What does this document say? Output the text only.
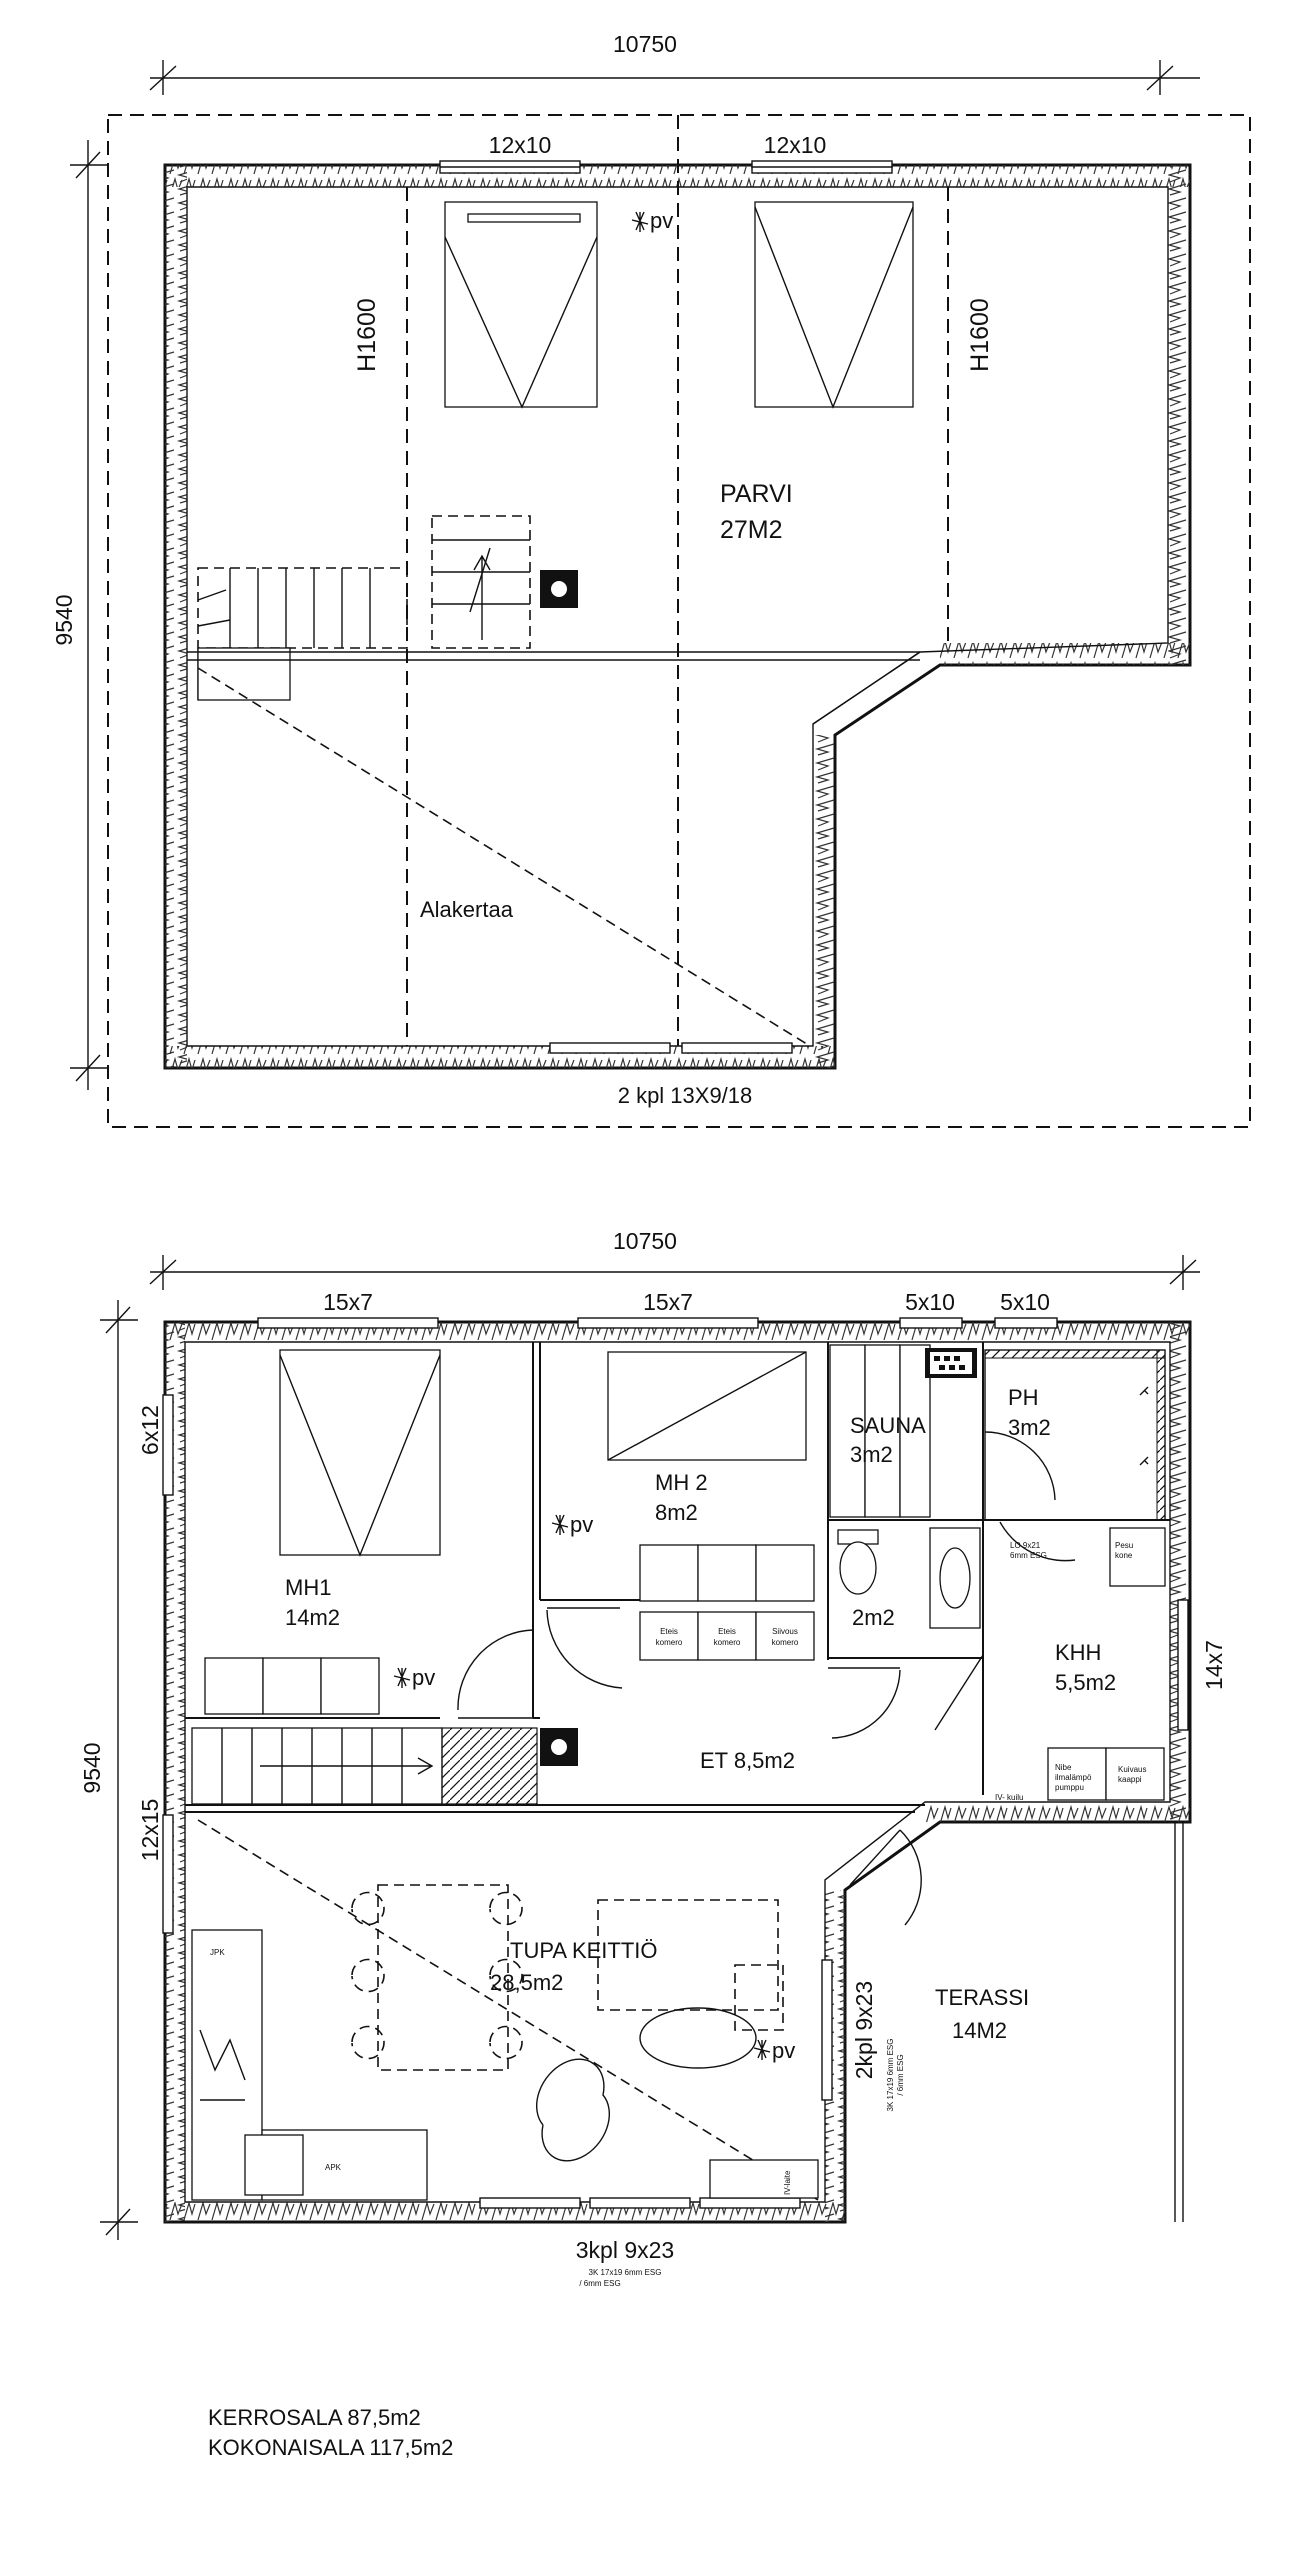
10750
9540
12x10	12x10
2 kpl 13X9/18
H1600	H1600
pv
PARVI
27M2
Alakertaa
10750
9540
15x7	15x7	5x10 5x10
6x12
12x15
14x7
2kpl 9x23 3K 17x19 6mm ESG / 6mm ESG
3kpl 9x23
3K 17x19 6mm ESG
/ 6mm ESG
Eteis
komero
Eteis
komero
Siivous
komero
Pesu
kone
LO 9x21
6mm ESG
Nibe
ilmalämpö
pumppu
Kuivaus
kaappi
IV- kuilu
JPK
APK
IV-laite
pv
pv
pv
MH1
14m2
MH 2
8m2
SAUNA
3m2
PH
3m2
2m2
KHH
5,5m2
ET 8,5m2
TUPA KEITTIÖ
28,5m2
TERASSI
14M2
KERROSALA 87,5m2
KOKONAISALA 117,5m2
